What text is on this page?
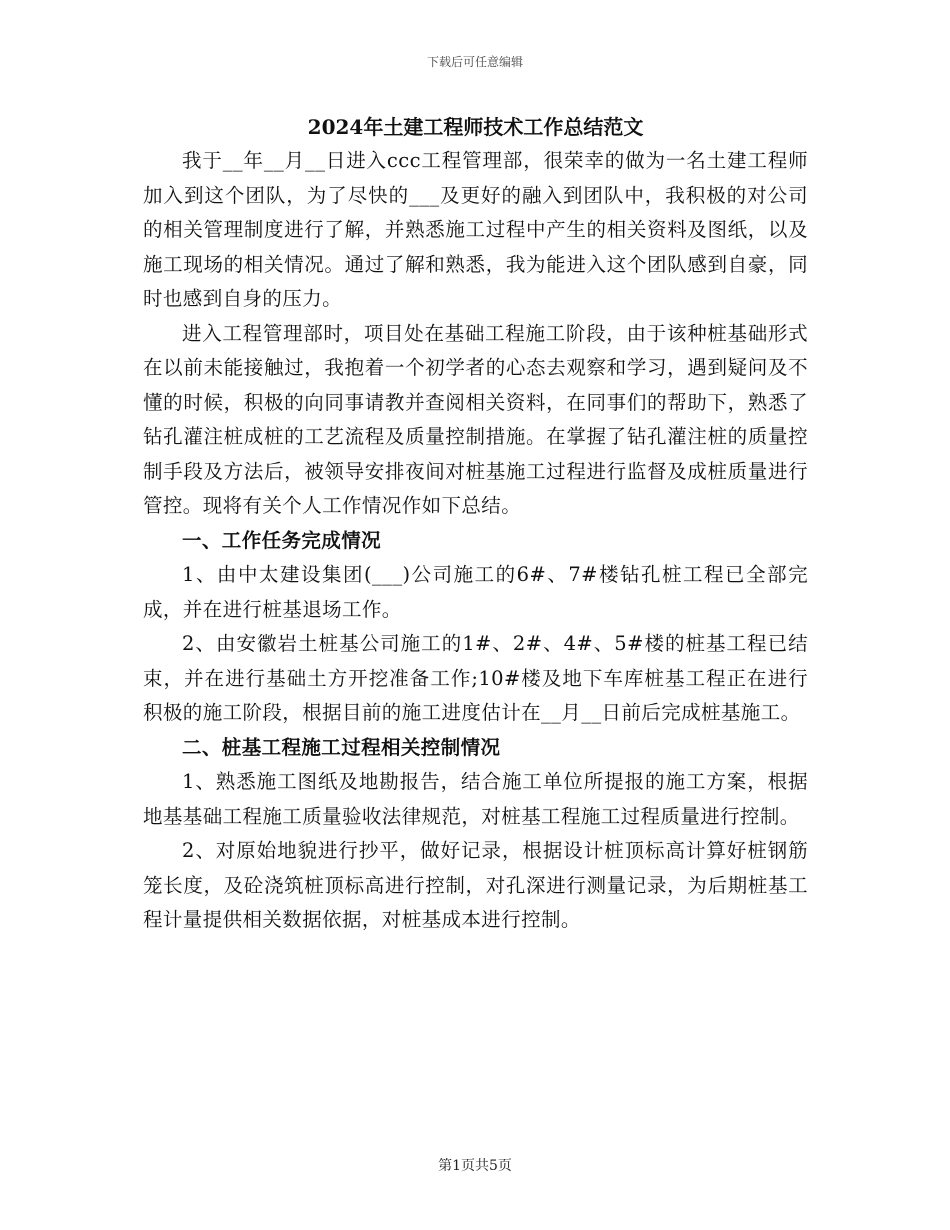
下载后可任意编辑
2024年土建工程师技术工作总结范文

我于__年__月__日进入ccc工程管理部，很荣幸的做为一名土建工程师加入到这个团队，为了尽快的___及更好的融入到团队中，我积极的对公司的相关管理制度进行了解，并熟悉施工过程中产生的相关资料及图纸，以及施工现场的相关情况。通过了解和熟悉，我为能进入这个团队感到自豪，同时也感到自身的压力。

进入工程管理部时，项目处在基础工程施工阶段，由于该种桩基础形式在以前未能接触过，我抱着一个初学者的心态去观察和学习，遇到疑问及不懂的时候，积极的向同事请教并查阅相关资料，在同事们的帮助下，熟悉了钻孔灌注桩成桩的工艺流程及质量控制措施。在掌握了钻孔灌注桩的质量控制手段及方法后，被领导安排夜间对桩基施工过程进行监督及成桩质量进行管控。现将有关个人工作情况作如下总结。

一、工作任务完成情况

1、由中太建设集团(___)公司施工的6#、7#楼钻孔桩工程已全部完成，并在进行桩基退场工作。

2、由安徽岩土桩基公司施工的1#、2#、4#、5#楼的桩基工程已结束，并在进行基础土方开挖准备工作;10#楼及地下车库桩基工程正在进行积极的施工阶段，根据目前的施工进度估计在__月__日前后完成桩基施工。

二、桩基工程施工过程相关控制情况

1、熟悉施工图纸及地勘报告，结合施工单位所提报的施工方案，根据地基基础工程施工质量验收法律规范，对桩基工程施工过程质量进行控制。

2、对原始地貌进行抄平，做好记录，根据设计桩顶标高计算好桩钢筋笼长度，及砼浇筑桩顶标高进行控制，对孔深进行测量记录，为后期桩基工程计量提供相关数据依据，对桩基成本进行控制。

第1页共5页
